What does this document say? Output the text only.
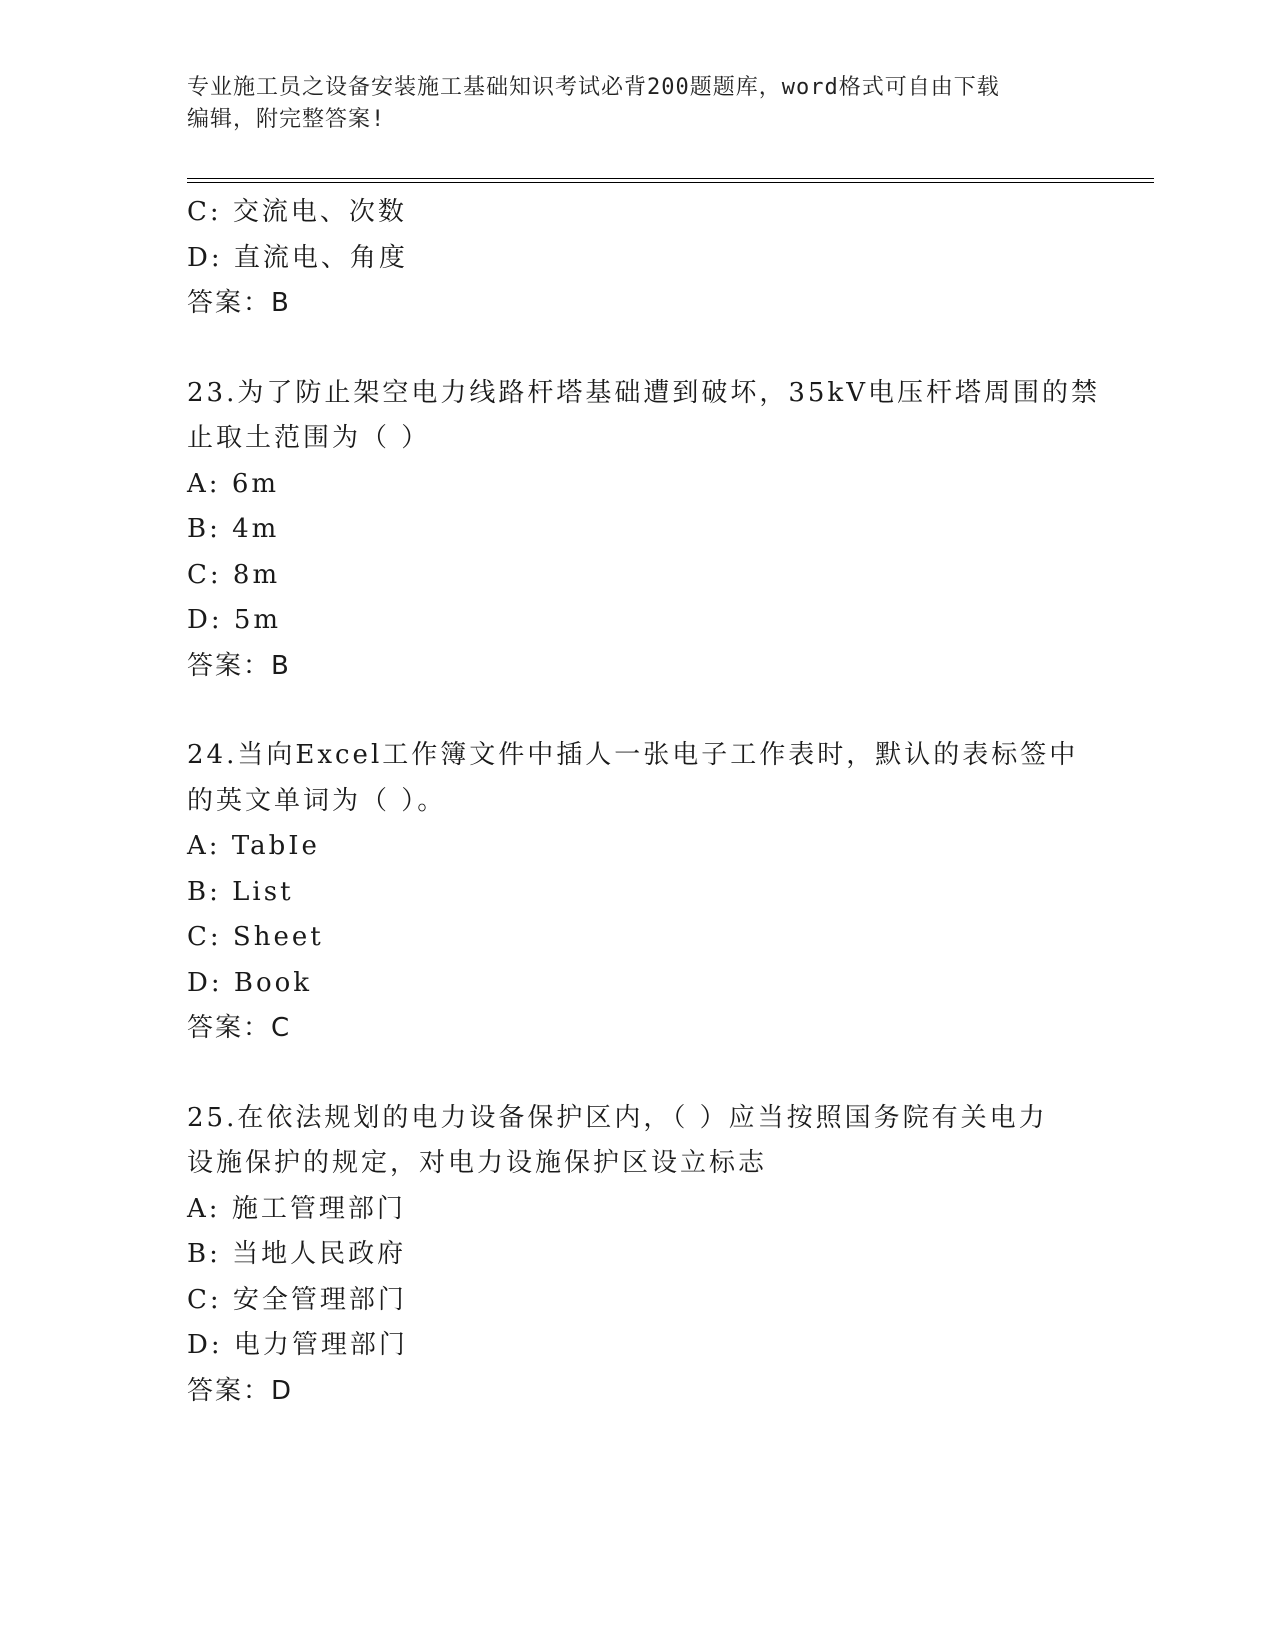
专业施工员之设备安装施工基础知识考试必背200题题库，word格式可自由下载
编辑，附完整答案!
C: 交流电、次数
D: 直流电、角度
答案：B
23.为了防止架空电力线路杆塔基础遭到破坏，35kV电压杆塔周围的禁
止取土范围为（ ）
A: 6m
B: 4m
C: 8m
D: 5m
答案：B
24.当向Excel工作簿文件中插人一张电子工作表时，默认的表标签中
的英文单词为（ ）。
A: TabIe
B: List
C: Sheet
D: Book
答案：C
25.在依法规划的电力设备保护区内，（ ）应当按照国务院有关电力
设施保护的规定，对电力设施保护区设立标志
A: 施工管理部门
B: 当地人民政府
C: 安全管理部门
D: 电力管理部门
答案：D
